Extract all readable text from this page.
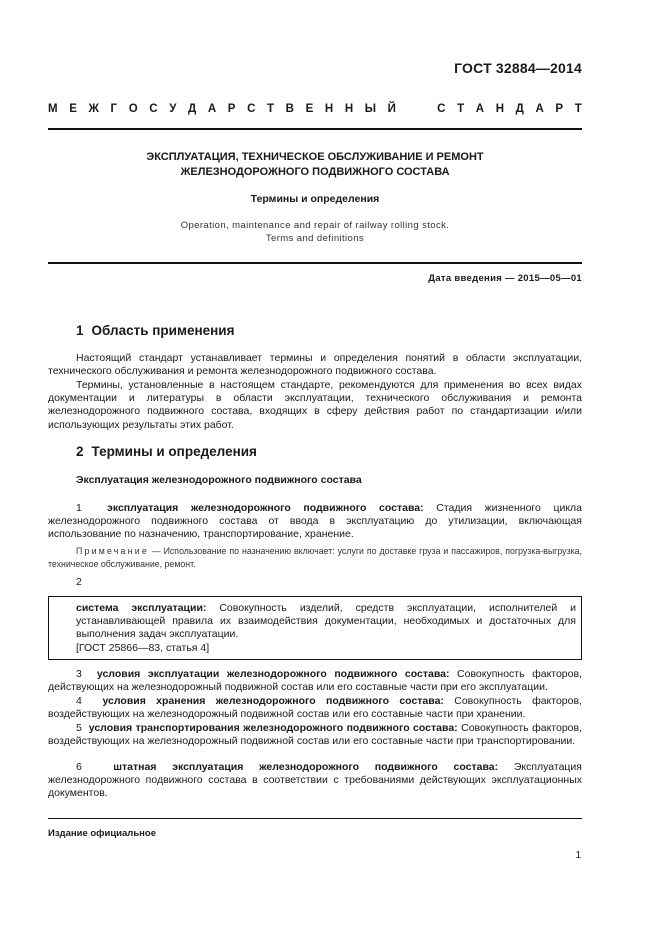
ГОСТ 32884—2014
М Е Ж Г О С У Д А Р С Т В Е Н Н Ы Й	С Т А Н Д А Р Т
ЭКСПЛУАТАЦИЯ, ТЕХНИЧЕСКОЕ ОБСЛУЖИВАНИЕ И РЕМОНТ
ЖЕЛЕЗНОДОРОЖНОГО ПОДВИЖНОГО СОСТАВА
Термины и определения
Operation, maintenance and repair of railway rolling stock.
Terms and definitions
Дата введения — 2015—05—01
1 Область применения
Настоящий стандарт устанавливает термины и определения понятий в области эксплуатации, технического обслуживания и ремонта железнодорожного подвижного состава.
Термины, установленные в настоящем стандарте, рекомендуются для применения во всех видах документации и литературы в области эксплуатации, технического обслуживания и ремонта железнодорожного подвижного состава, входящих в сферу действия работ по стандартизации и/или использующих результаты этих работ.
2 Термины и определения
Эксплуатация железнодорожного подвижного состава
1 эксплуатация железнодорожного подвижного состава: Стадия жизненного цикла железнодорожного подвижного состава от ввода в эксплуатацию до утилизации, включающая использование по назначению, транспортирование, хранение.
Примечание — Использование по назначению включает: услуги по доставке груза и пассажиров, погрузка-выгрузка, техническое обслуживание, ремонт.
2
система эксплуатации: Совокупность изделий, средств эксплуатации, исполнителей и устанавливающей правила их взаимодействия документации, необходимых и достаточных для выполнения задач эксплуатации.
[ГОСТ 25866—83, статья 4]
3 условия эксплуатации железнодорожного подвижного состава: Совокупность факторов, действующих на железнодорожный подвижной состав или его составные части при его эксплуатации.
4 условия хранения железнодорожного подвижного состава: Совокупность факторов, воздействующих на железнодорожный подвижной состав или его составные части при хранении.
5 условия транспортирования железнодорожного подвижного состава: Совокупность факторов, воздействующих на железнодорожный подвижной состав или его составные части при транспортировании.
6	штатная эксплуатация железнодорожного подвижного состава: Эксплуатация железнодорожного подвижного состава в соответствии с требованиями действующих эксплуатационных документов.
Издание официальное
1
